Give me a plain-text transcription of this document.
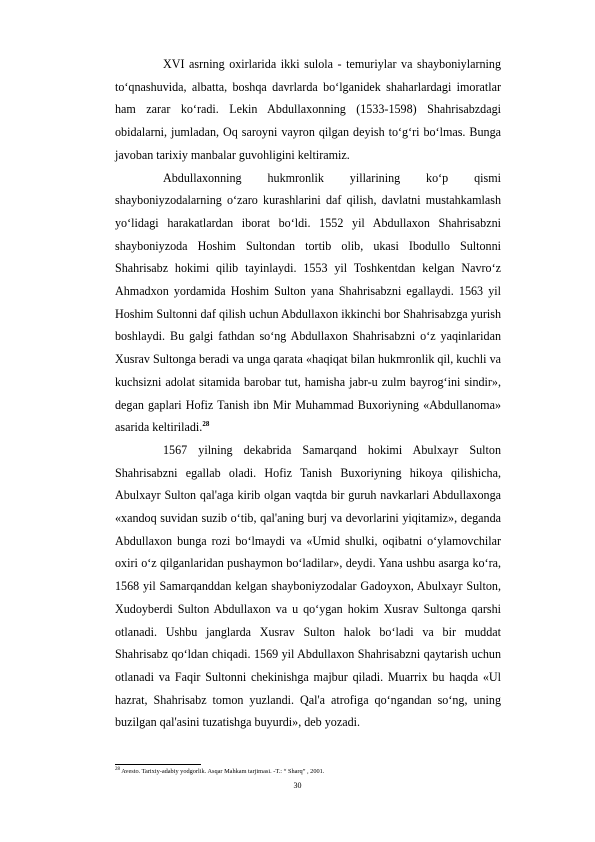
XVI asrning oxirlarida ikki sulola - temuriylar va shayboniylarning to‘qnashuvida, albatta, boshqa davrlarda bo‘lganidek shaharlardagi imoratlar ham zarar ko‘radi. Lekin Abdullaxonning (1533-1598) Shahrisabzdagi obidalarni, jumladan, Oq saroyni vayron qilgan deyish to‘g‘ri bo‘lmas. Bunga javoban tarixiy manbalar guvohligini keltiramiz.

Abdullaxonning hukmronlik yillarining ko‘p qismi shayboniyzodalarning o‘zaro kurashlarini daf qilish, davlatni mustahkamlash yo‘lidagi harakatlardan iborat bo‘ldi. 1552 yil Abdullaxon Shahrisabzni shayboniyzoda Hoshim Sultondan tortib olib, ukasi Ibodullo Sultonni Shahrisabz hokimi qilib tayinlaydi. 1553 yil Toshkentdan kelgan Navro‘z Ahmadxon yordamida Hoshim Sulton yana Shahrisabzni egallaydi. 1563 yil Hoshim Sultonni daf qilish uchun Abdullaxon ikkinchi bor Shahrisabzga yurish boshlaydi. Bu galgi fathdan so‘ng Abdullaxon Shahrisabzni o‘z yaqinlaridan Xusrav Sultonga beradi va unga qarata «haqiqat bilan hukmronlik qil, kuchli va kuchsizni adolat sitamida barobar tut, hamisha jabr-u zulm bayrog‘ini sindir», degan gaplari Hofiz Tanish ibn Mir Muhammad Buxoriyning «Abdullanoma» asarida keltiriladi.$^{28}$

1567 yilning dekabrida Samarqand hokimi Abulxayr Sulton Shahrisabzni egallab oladi. Hofiz Tanish Buxoriyning hikoya qilishicha, Abulxayr Sulton qal'aga kirib olgan vaqtda bir guruh navkarlari Abdullaxonga «xandoq suvidan suzib o‘tib, qal'aning burj va devorlarini yiqitamiz», deganda Abdullaxon bunga rozi bo‘lmaydi va «Umid shulki, oqibatni o‘ylamovchilar oxiri o‘z qilganlaridan pushaymon bo‘ladilar», deydi. Yana ushbu asarga ko‘ra, 1568 yil Samarqanddan kelgan shayboniyzodalar Gadoyxon, Abulxayr Sulton, Xudoyberdi Sulton Abdullaxon va u qo‘ygan hokim Xusrav Sultonga qarshi otlanadi. Ushbu janglarda Xusrav Sulton halok bo‘ladi va bir muddat Shahrisabz qo‘ldan chiqadi. 1569 yil Abdullaxon Shahrisabzni qaytarish uchun otlanadi va Faqir Sultonni chekinishga majbur qiladi. Muarrix bu haqda «Ul hazrat, Shahrisabz tomon yuzlandi. Qal'a atrofiga qo‘ngandan so‘ng, uning buzilgan qal'asini tuzatishga buyurdi», deb yozadi.

$^{28}$ Avesto. Tarixiy-adabiy yodgorlik. Asqar Mahkam tarjimasi. -T.: “ Sharq” , 2001.
30
